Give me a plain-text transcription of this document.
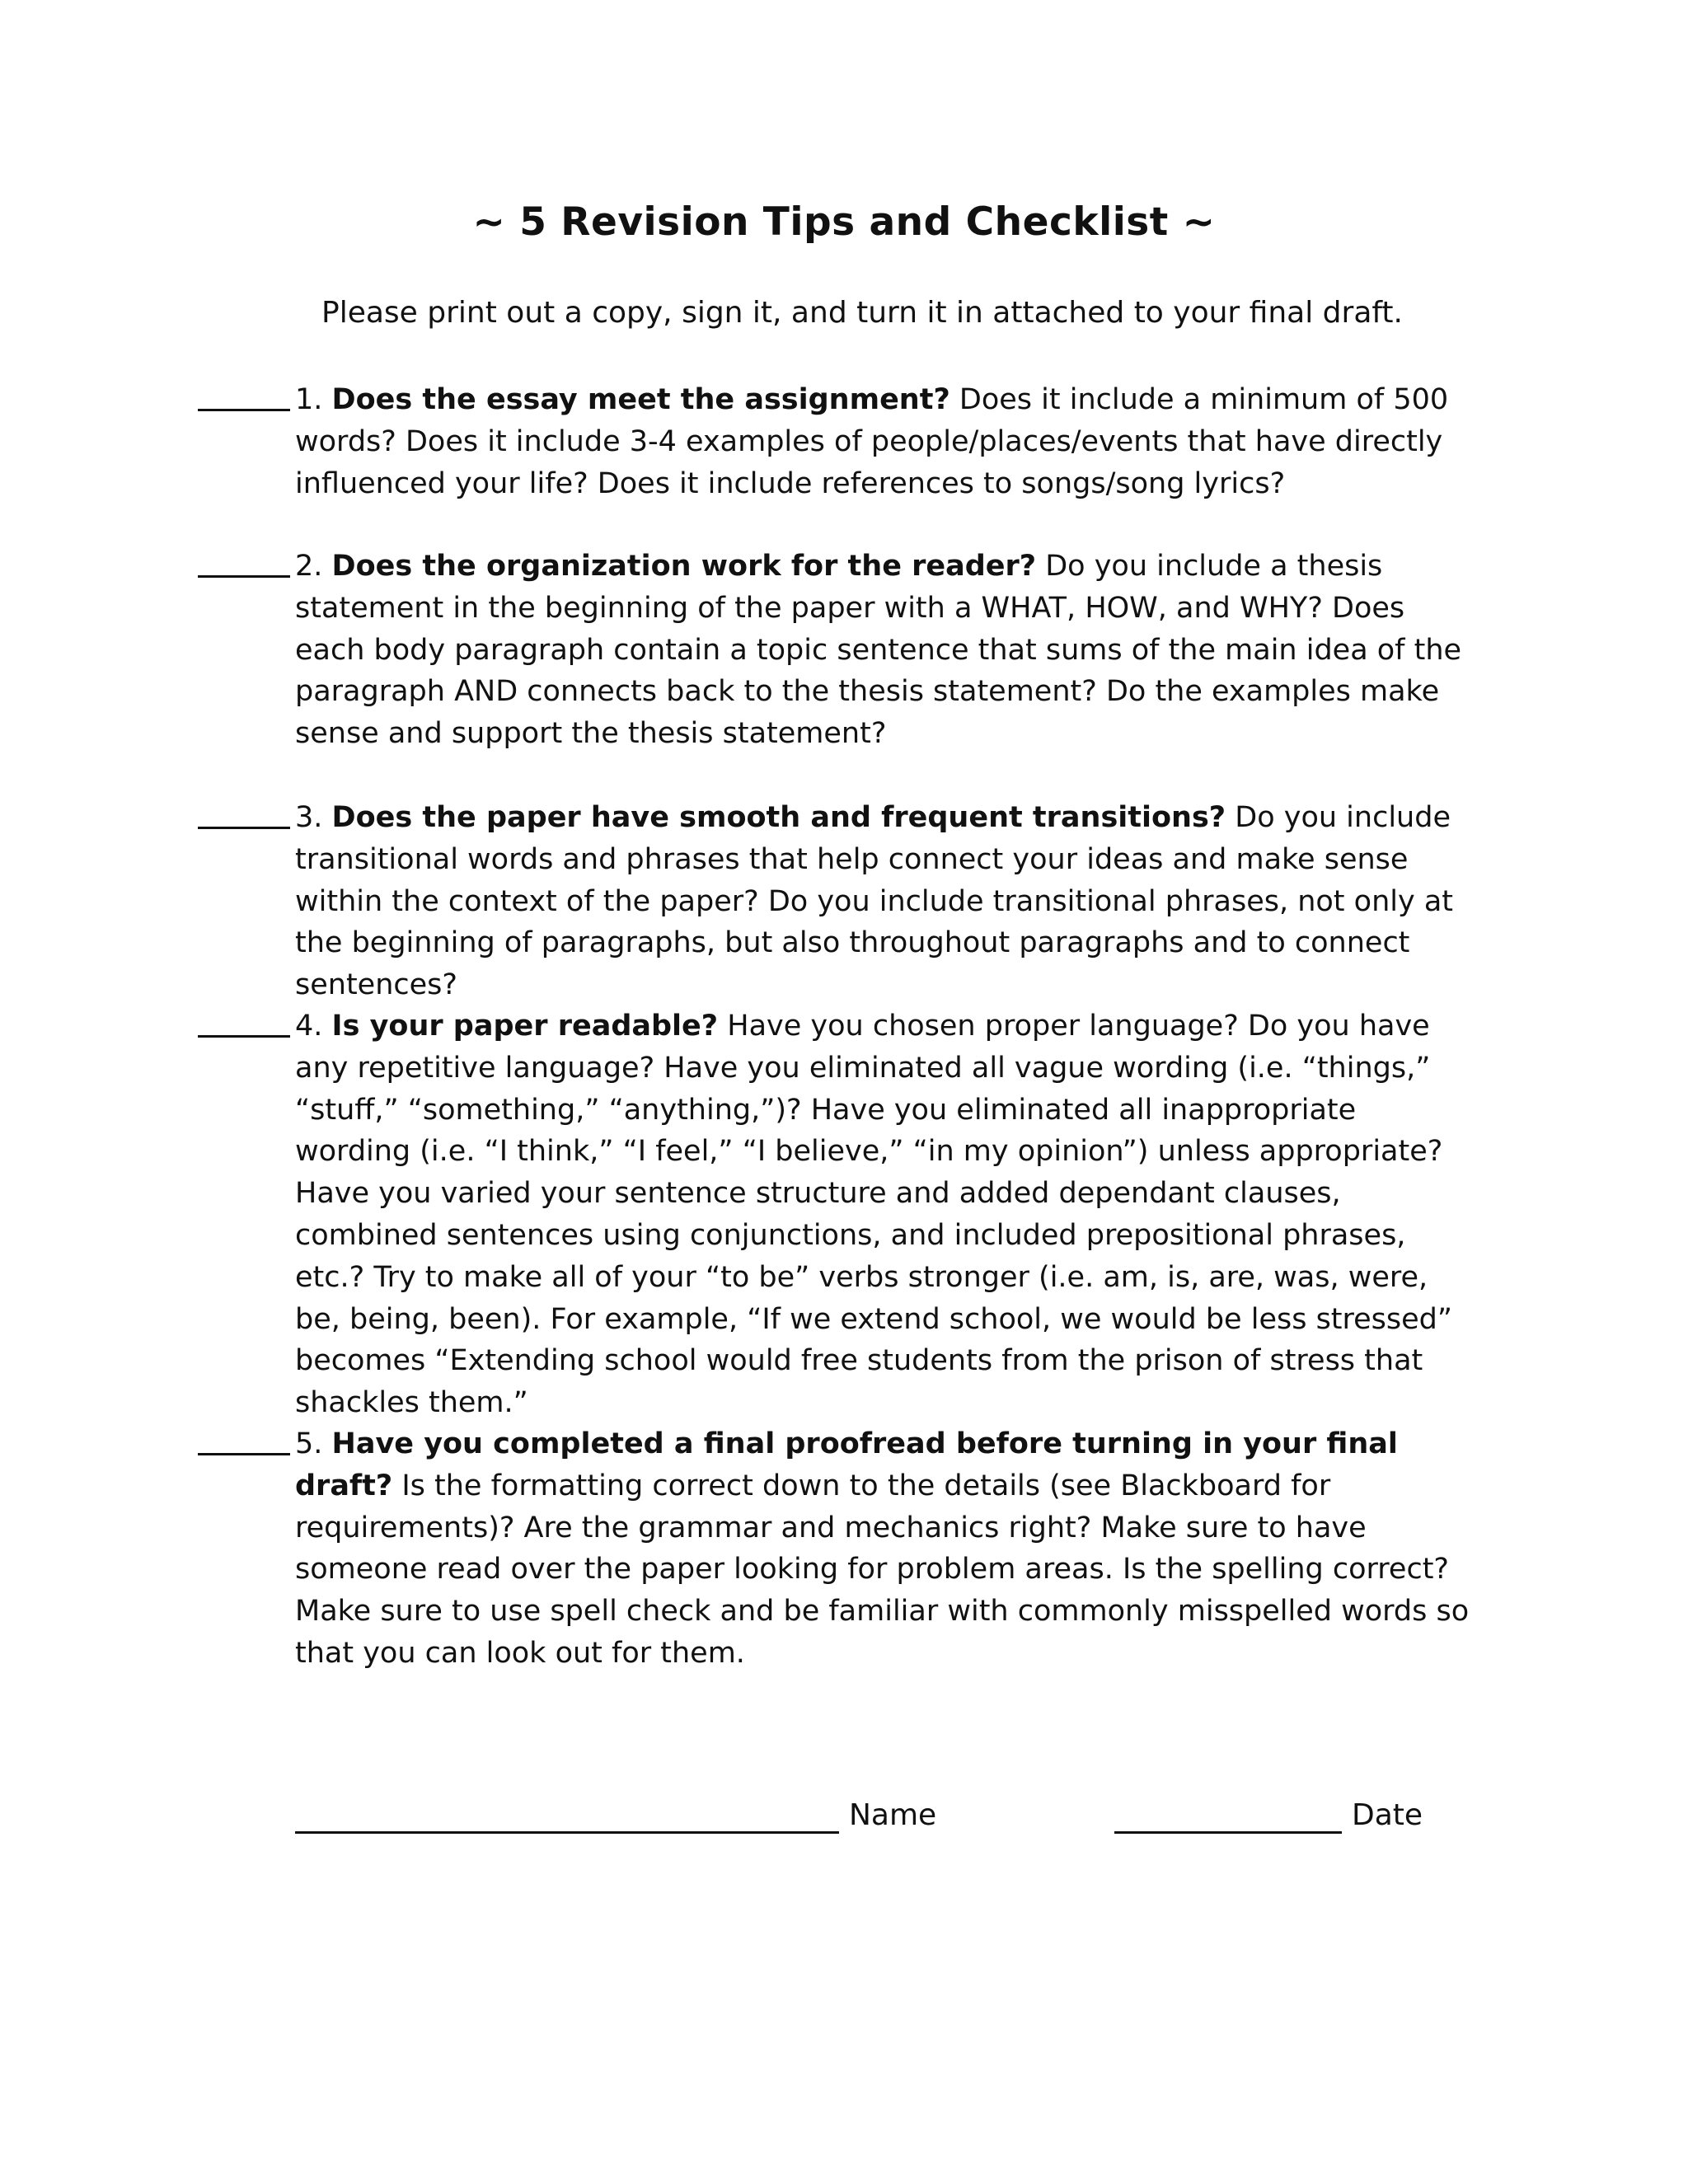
~ 5 Revision Tips and Checklist ~
Please print out a copy, sign it, and turn it in attached to your final draft.
1. Does the essay meet the assignment? Does it include a minimum of 500 words? Does it include 3-4 examples of people/places/events that have directly influenced your life? Does it include references to songs/song lyrics?
2. Does the organization work for the reader? Do you include a thesis statement in the beginning of the paper with a WHAT, HOW, and WHY? Does each body paragraph contain a topic sentence that sums of the main idea of the paragraph AND connects back to the thesis statement? Do the examples make sense and support the thesis statement?
3. Does the paper have smooth and frequent transitions? Do you include transitional words and phrases that help connect your ideas and make sense within the context of the paper? Do you include transitional phrases, not only at the beginning of paragraphs, but also throughout paragraphs and to connect sentences?
4. Is your paper readable? Have you chosen proper language? Do you have any repetitive language? Have you eliminated all vague wording (i.e. “things,” “stuff,” “something,” “anything,”)? Have you eliminated all inappropriate wording (i.e. “I think,” “I feel,” “I believe,” “in my opinion”) unless appropriate? Have you varied your sentence structure and added dependant clauses, combined sentences using conjunctions, and included prepositional phrases, etc.? Try to make all of your “to be” verbs stronger (i.e. am, is, are, was, were, be, being, been). For example, “If we extend school, we would be less stressed” becomes “Extending school would free students from the prison of stress that shackles them.”
5. Have you completed a final proofread before turning in your final draft? Is the formatting correct down to the details (see Blackboard for requirements)? Are the grammar and mechanics right? Make sure to have someone read over the paper looking for problem areas. Is the spelling correct? Make sure to use spell check and be familiar with commonly misspelled words so that you can look out for them.
Name	Date
